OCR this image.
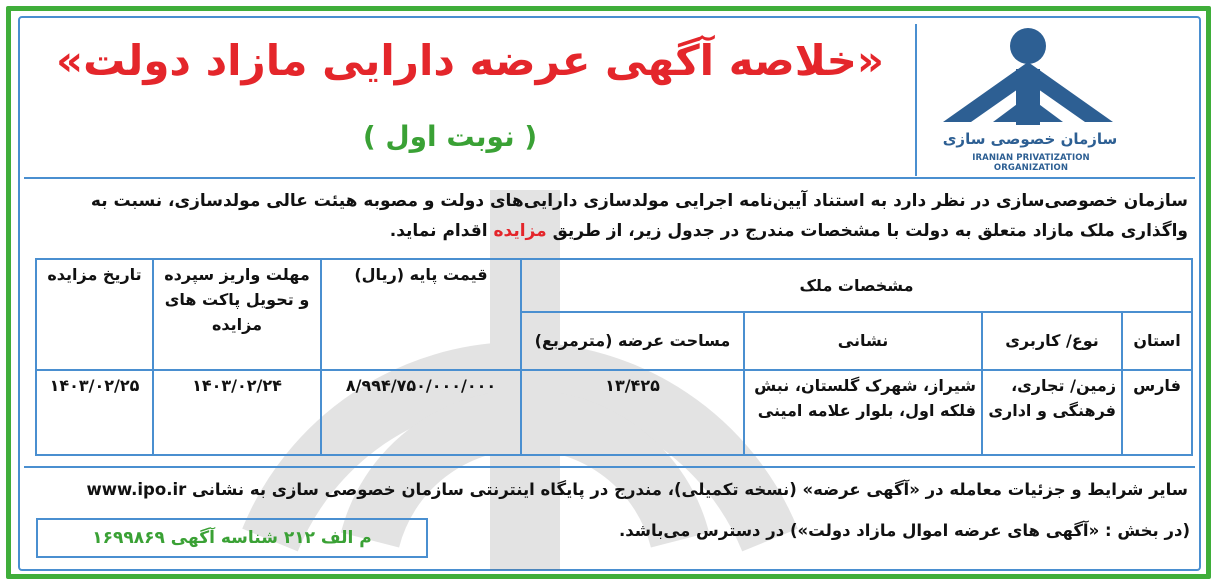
سازمان خصوصی سازی
IRANIAN PRIVATIZATION ORGANIZATION
«خلاصه آگهی عرضه دارایی مازاد دولت»
( نوبت اول )
سازمان خصوصی‌سازی در نظر دارد به استناد آیین‌نامه اجرایی مولدسازی دارایی‌های دولت و مصوبه هیئت عالی مولدسازی، نسبت به واگذاری ملک مازاد متعلق به دولت با مشخصات مندرج در جدول زیر، از طریق مزایده اقدام نماید.
مشخصات ملک				قیمت پایه (ریال)	مهلت واریز سپرده و تحویل پاکت های مزایده	تاریخ مزایده
استان	نوع/ کاربری	نشانی	مساحت عرضه (مترمربع)			
فارس	زمین/ تجاری، فرهنگی و اداری	شیراز، شهرک گلستان، نبش فلکه اول، بلوار علامه امینی	۱۳/۴۲۵	۸/۹۹۴/۷۵۰/۰۰۰/۰۰۰	۱۴۰۳/۰۲/۲۴	۱۴۰۳/۰۲/۲۵
سایر شرایط و جزئیات معامله در «آگهی عرضه» (نسخه تکمیلی)، مندرج در پایگاه اینترنتی سازمان خصوصی سازی به نشانی www.ipo.ir
(در بخش : «آگهی های عرضه اموال مازاد دولت») در دسترس می‌باشد.
م الف ۲۱۲ شناسه آگهی ۱۶۹۹۸۶۹
